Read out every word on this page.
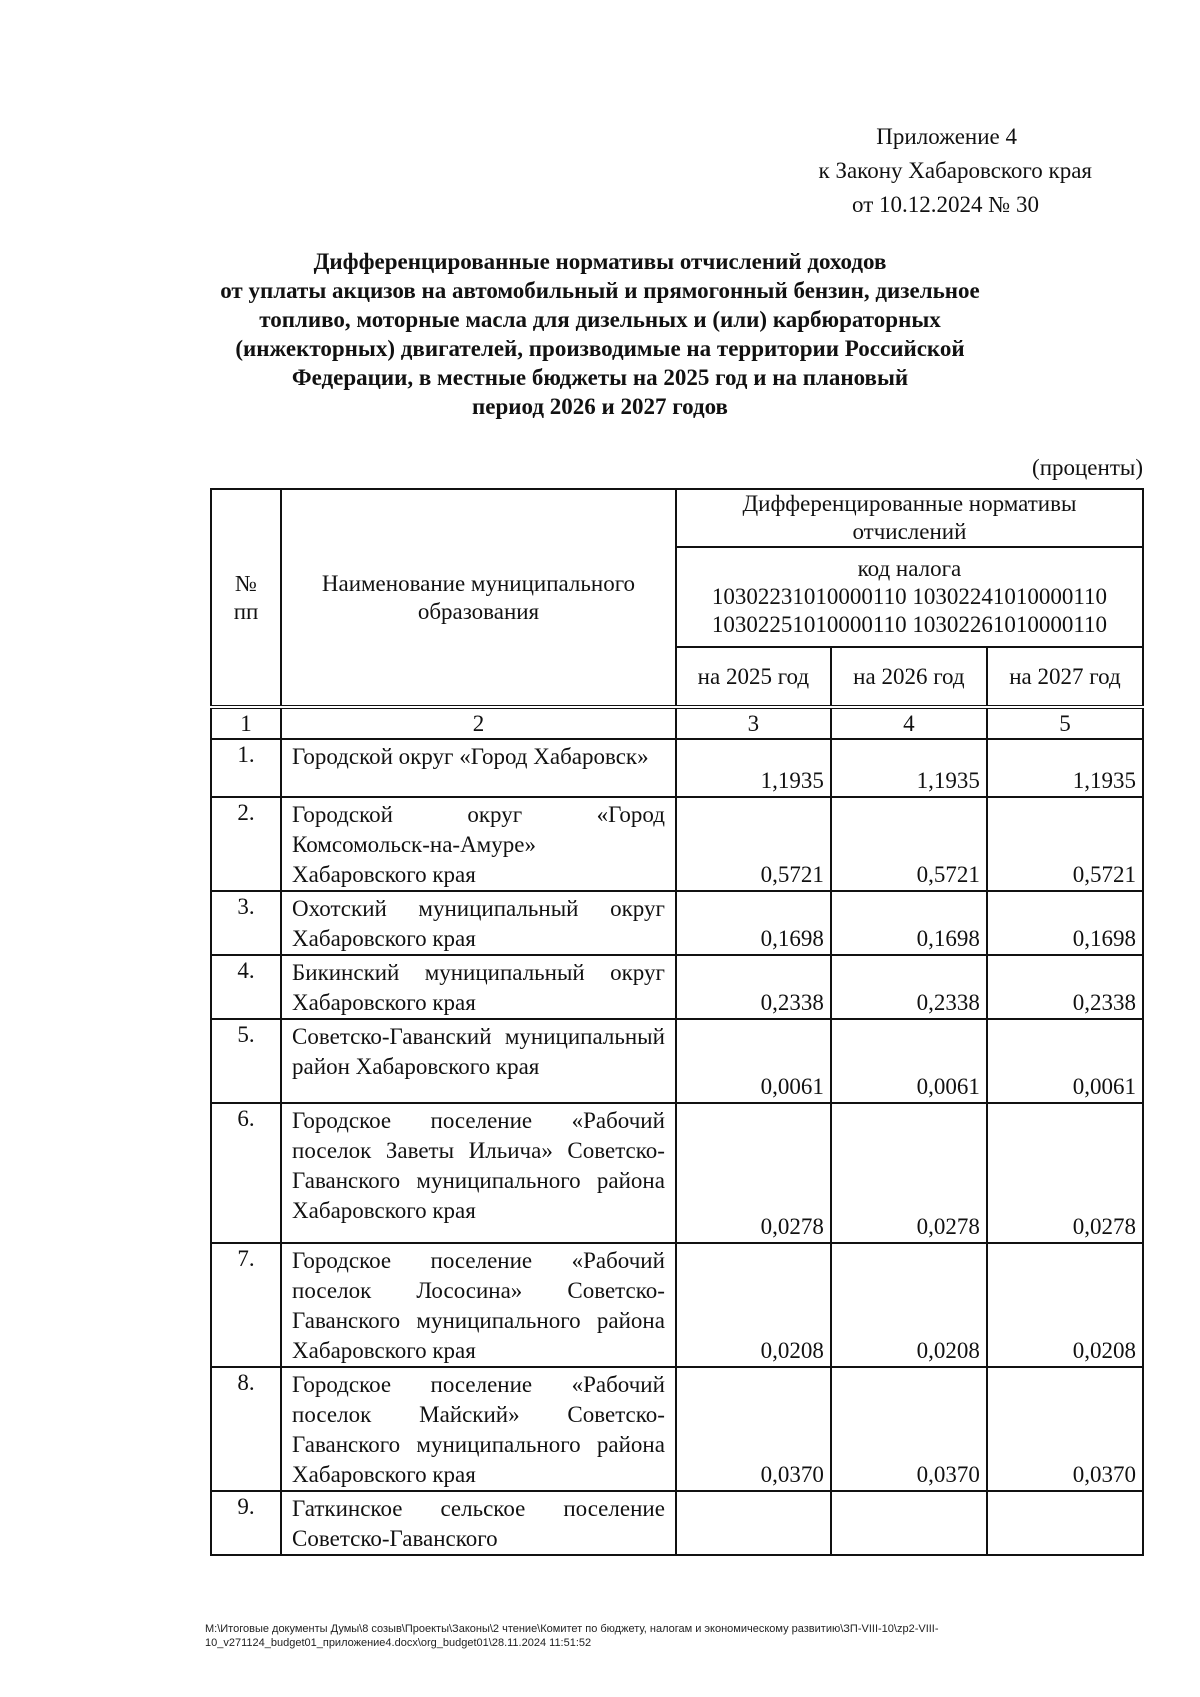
Приложение 4
к Закону Хабаровского края
от 10.12.2024 № 30
Дифференцированные нормативы отчислений доходов
от уплаты акцизов на автомобильный и прямогонный бензин, дизельное
топливо, моторные масла для дизельных и (или) карбюраторных
(инжекторных) двигателей, производимые на территории Российской
Федерации, в местные бюджеты на 2025 год и на плановый
период 2026 и 2027 годов
(проценты)
№ пп	Наименование муниципального образования	Дифференцированные нормативы отчислений		

		код налога
10302231010000110 10302241010000110
10302251010000110 10302261010000110		

		на 2025 год	на 2026 год	на 2027 год
1	2	3	4	5
1.	Городской округ «Город Хабаровск»	1,1935	1,1935	1,1935
2.	Городской округ «Город Комсомольск-на-Амуре» Хабаровского края	0,5721	0,5721	0,5721
3.	Охотский муниципальный округ Хабаровского края	0,1698	0,1698	0,1698
4.	Бикинский муниципальный округ Хабаровского края	0,2338	0,2338	0,2338
5.	Советско-Гаванский муниципальный район Хабаровского края	0,0061	0,0061	0,0061
6.	Городское поселение «Рабочий поселок Заветы Ильича» Советско-Гаванского муниципального района Хабаровского края	0,0278	0,0278	0,0278
7.	Городское поселение «Рабочий поселок Лососина» Советско-Гаванского муниципального района Хабаровского края	0,0208	0,0208	0,0208
8.	Городское поселение «Рабочий поселок Майский» Советско-Гаванского муниципального района Хабаровского края	0,0370	0,0370	0,0370
9.	Гаткинское сельское поселение Советско-Гаванского			
M:\Итоговые документы Думы\8 созыв\Проекты\Законы\2 чтение\Комитет по бюджету, налогам и экономическому развитию\ЗП-VIII-10\zp2-VIII-
10_v271124_budget01_приложение4.docx\org_budget01\28.11.2024 11:51:52
